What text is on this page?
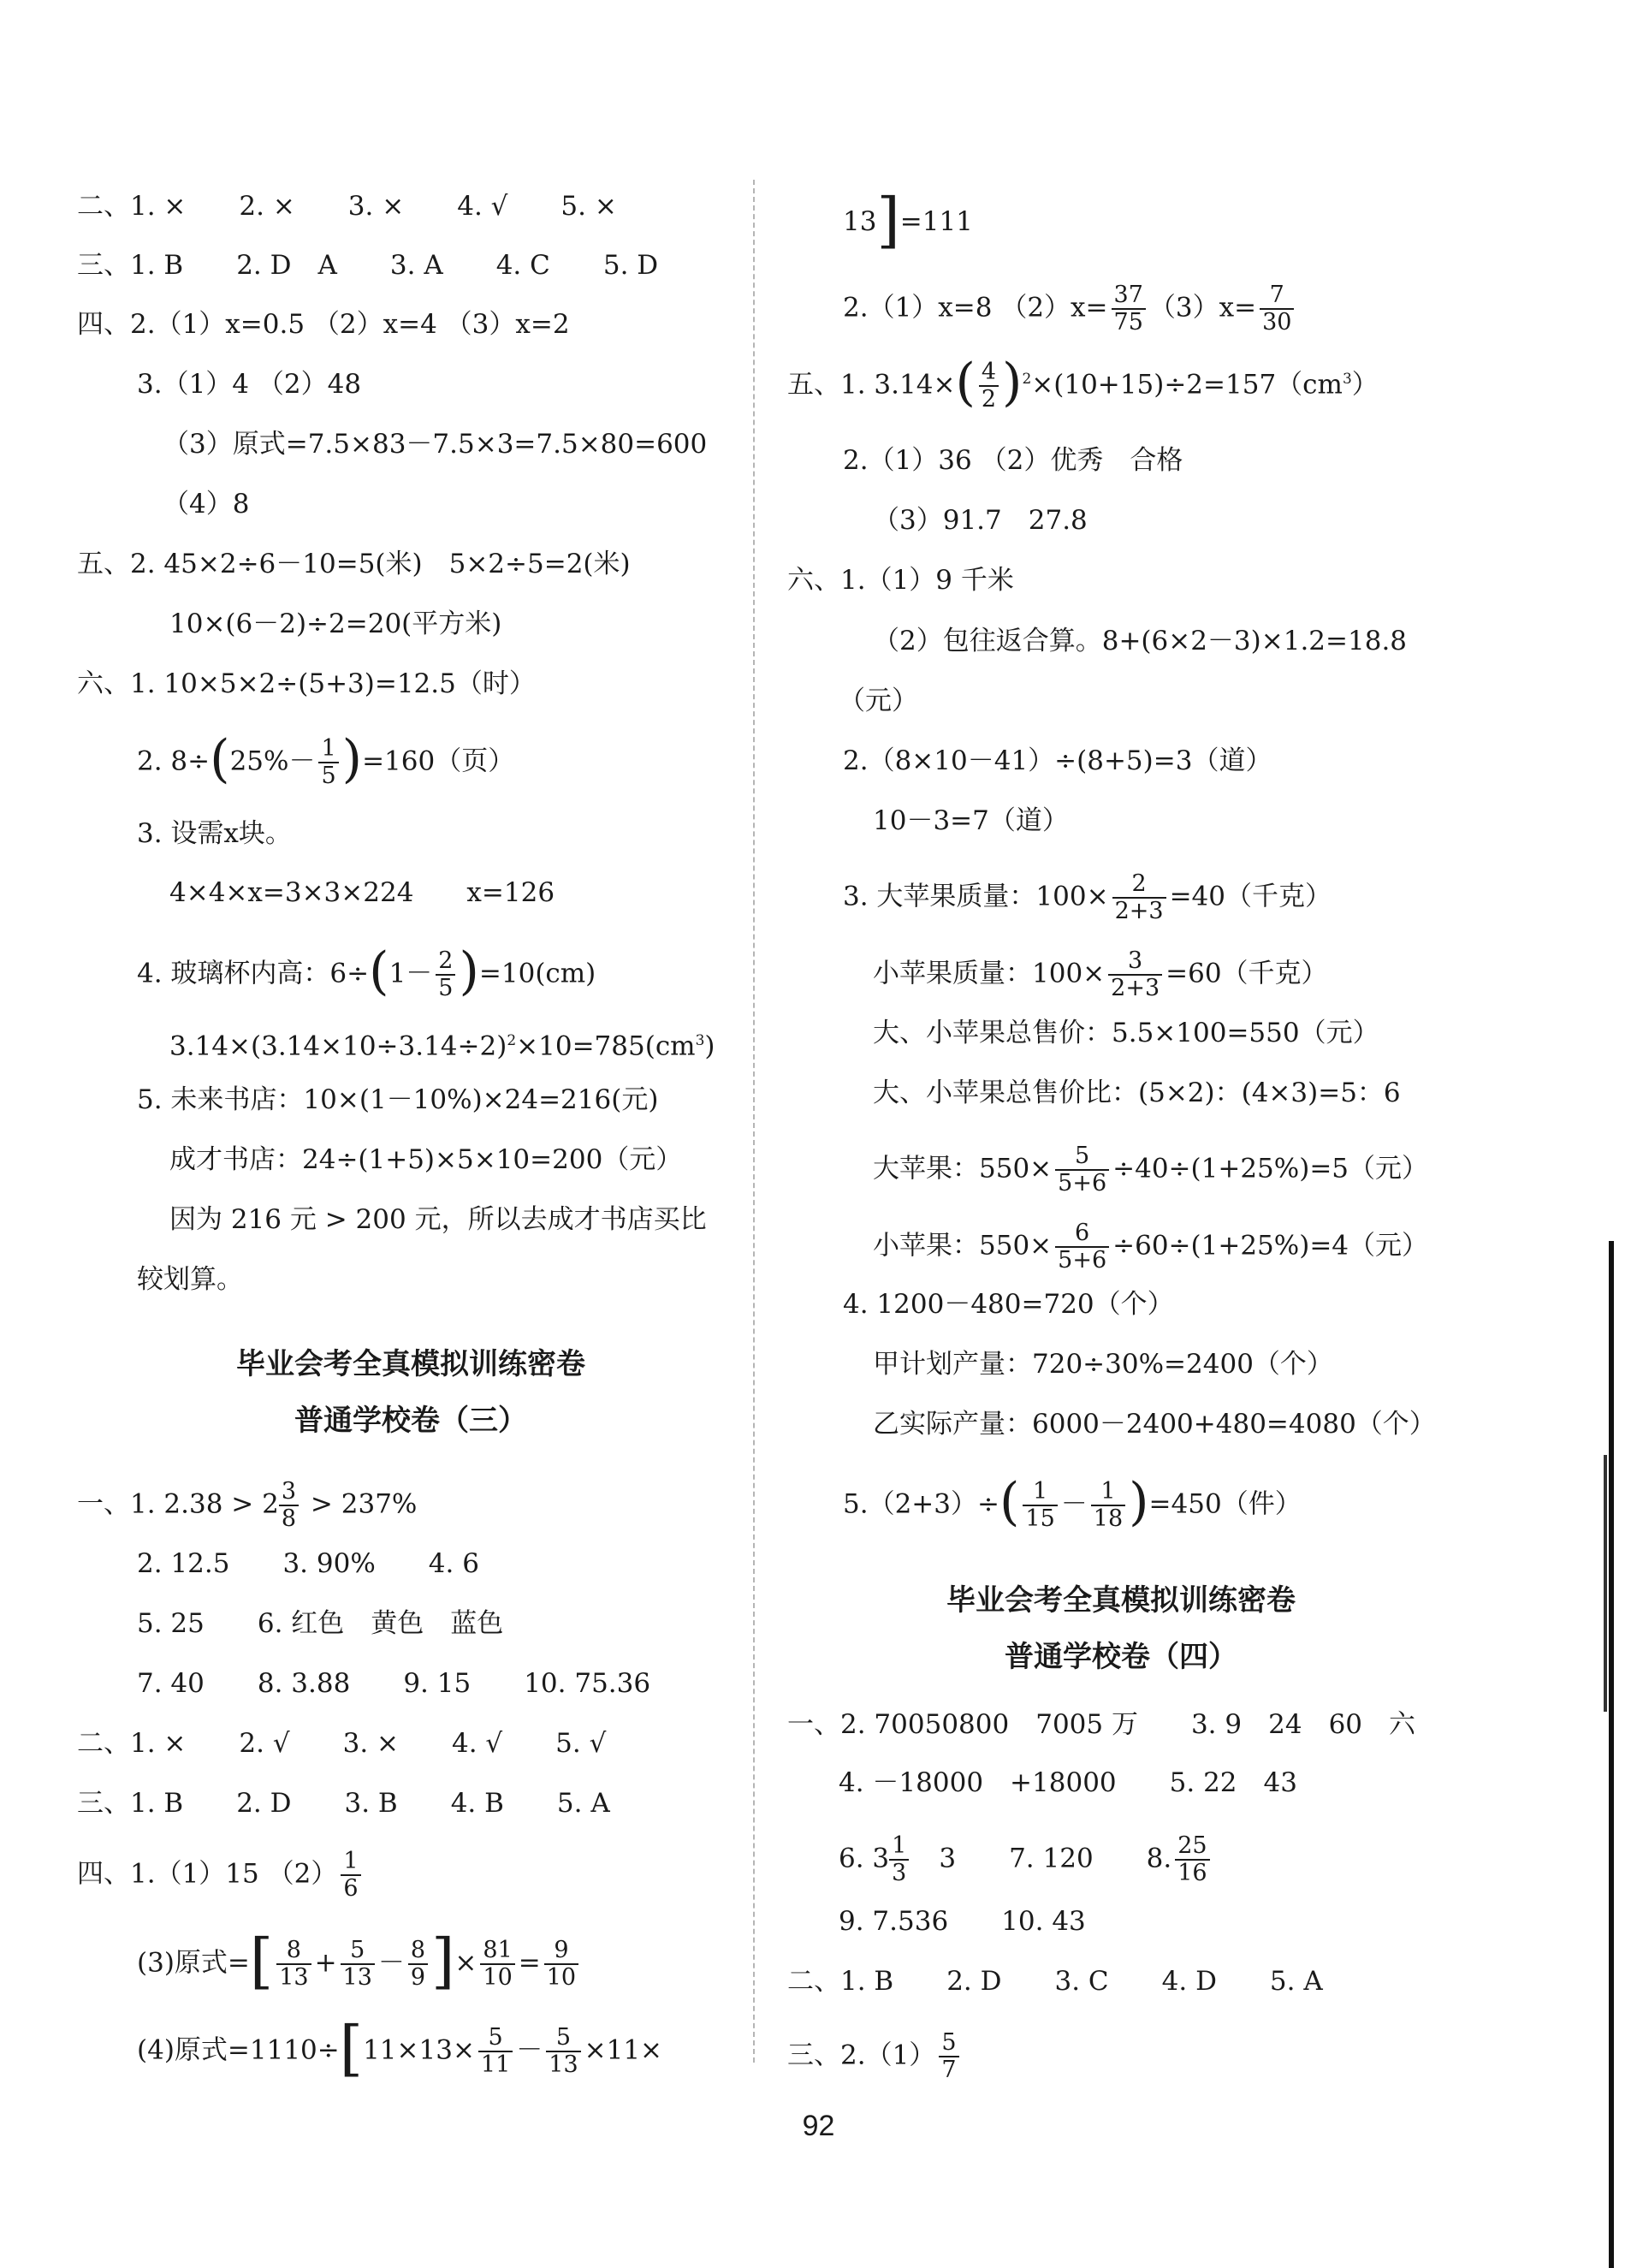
二、1. ×　　2. ×　　3. ×　　4. √　　5. ×
三、1. B　　2. D　A　　3. A　　4. C　　5. D
四、2.（1）x=0.5 （2）x=4 （3）x=2
3.（1）4 （2）48
（3）原式=7.5×83－7.5×3=7.5×80=600
（4）8
五、2. 45×2÷6－10=5(米)　5×2÷5=2(米)
10×(6－2)÷2=20(平方米)
六、1. 10×5×2÷(5+3)=12.5（时）
2. $8\div(25\%- \frac{1}{5} )=160$（页）
3. 设需x块。
4×4×x=3×3×224　　x=126
4. 玻璃杯内高：$6\div(1- \frac{2}{5} )=10(cm)$
$3.14\times(3.14\times 10\div 3.14\div 2)^2\times 10=785(cm^3)$
5. 未来书店：10×(1－10%)×24=216(元)
成才书店：24÷(1+5)×5×10=200（元）
因为 216 元 > 200 元，所以去成才书店买比
较划算。
毕业会考全真模拟训练密卷
普通学校卷（三）
一、1. $2.38 > 2 \frac{3}{8} > 237\%$
2. 12.5　　3. 90%　　4. 6
5. 25　　6. 红色　黄色　蓝色
7. 40　　8. 3.88　　9. 15　　10. 75.36
二、1. ×　　2. √　　3. ×　　4. √　　5. √
三、1. B　　2. D　　3. B　　4. B　　5. A
四、1.（1）15 $(2) \frac{1}{6}$
(3)原式=[ $\frac{8}{13} + \frac{5}{13} - \frac{8}{9}$ ]× $\frac{81}{10} = \frac{9}{10}$
(4)原式$=1110\div[11\times 13\times \frac{5}{11} - \frac{5}{13} \times 11\times$
13]=111
2.（1）x=8 $(2)x= \frac{37}{75} (3)x= \frac{7}{30}$
五、1. $3.14\times( \frac{4}{2} )^2\times(10+15)\div 2=157(cm^3)$
2.（1）36 （2）优秀　合格
（3）91.7　27.8
六、1.（1）9 千米
（2）包往返合算。8+(6×2－3)×1.2=18.8
（元）
2.（8×10－41）÷(8+5)=3（道）
10－3=7（道）
3. 大苹果质量：$100\times \frac{2}{2+3} =40$（千克）
小苹果质量：$100\times \frac{3}{2+3} =60$（千克）
大、小苹果总售价：5.5×100=550（元）
大、小苹果总售价比：(5×2)：(4×3)=5：6
大苹果：$550\times \frac{5}{5+6} \div 40\div(1+25\%)=5$（元）
小苹果：$550\times \frac{6}{5+6} \div 60\div(1+25\%)=4$（元）
4. 1200－480=720（个）
甲计划产量：720÷30%=2400（个）
乙实际产量：6000－2400+480=4080（个）
$5.(2+3)\div( \frac{1}{15} - \frac{1}{18} )=450$（件）
毕业会考全真模拟训练密卷
普通学校卷（四）
一、2. 70050800　7005 万　　3. 9　24　60　六
4. －18000　+18000　　5. 22　43
6. $3 \frac{1}{3}$ 　3　　7. 120　　8. $\frac{25}{16}$
9. 7.536　　10. 43
二、1. B　　2. D　　3. C　　4. D　　5. A
三、$2.(1) \frac{5}{7}$
92
